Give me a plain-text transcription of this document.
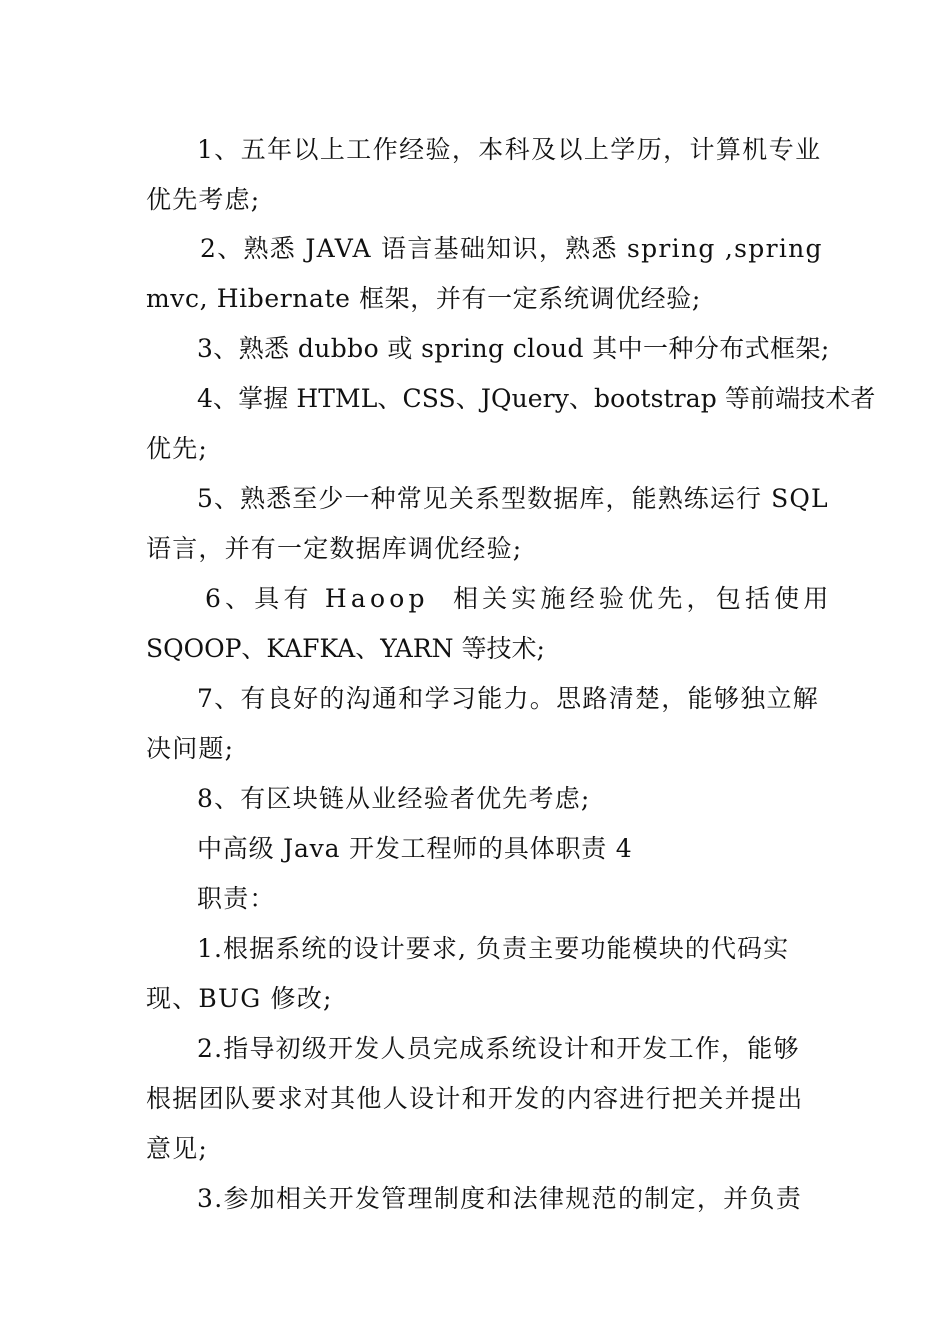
1、五年以上工作经验，本科及以上学历，计算机专业
优先考虑;
2、熟悉 JAVA 语言基础知识，熟悉 spring ,spring
mvc, Hibernate 框架，并有一定系统调优经验;
3、熟悉 dubbo 或 spring cloud 其中一种分布式框架;
4、掌握 HTML、CSS、JQuery、bootstrap 等前端技术者
优先;
5、熟悉至少一种常见关系型数据库，能熟练运行 SQL
语言，并有一定数据库调优经验;
6、具有 Haoop  相关实施经验优先，包括使用
SQOOP、KAFKA、YARN 等技术;
7、有良好的沟通和学习能力。思路清楚，能够独立解
决问题;
8、有区块链从业经验者优先考虑;
中高级 Java 开发工程师的具体职责 4
职责：
1.根据系统的设计要求, 负责主要功能模块的代码实
现、BUG 修改;
2.指导初级开发人员完成系统设计和开发工作，能够
根据团队要求对其他人设计和开发的内容进行把关并提出
意见;
3.参加相关开发管理制度和法律规范的制定，并负责
